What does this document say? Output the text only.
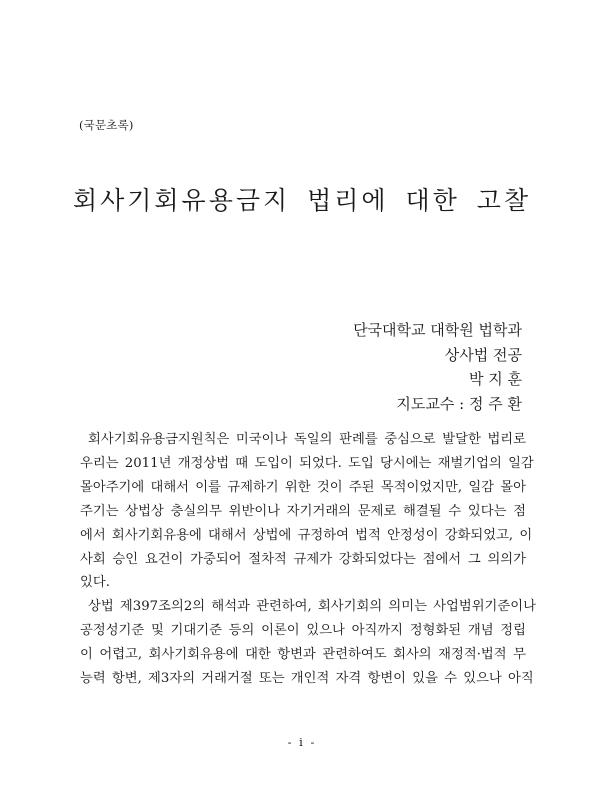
(국문초록)
회사기회유용금지 법리에 대한 고찰
단국대학교 대학원 법학과
상사법 전공
박 지 훈
지도교수 : 정 주 환
회사기회유용금지원칙은 미국이나 독일의 판례를 중심으로 발달한 법리로
우리는 2011년 개정상법 때 도입이 되었다. 도입 당시에는 재벌기업의 일감
몰아주기에 대해서 이를 규제하기 위한 것이 주된 목적이었지만, 일감 몰아
주기는 상법상 충실의무 위반이나 자기거래의 문제로 해결될 수 있다는 점
에서 회사기회유용에 대해서 상법에 규정하여 법적 안정성이 강화되었고, 이
사회 승인 요건이 가중되어 절차적 규제가 강화되었다는 점에서 그 의의가
있다.
상법 제397조의2의 해석과 관련하여, 회사기회의 의미는 사업범위기준이나
공정성기준 및 기대기준 등의 이론이 있으나 아직까지 정형화된 개념 정립
이 어렵고, 회사기회유용에 대한 항변과 관련하여도 회사의 재정적·법적 무
능력 항변, 제3자의 거래거절 또는 개인적 자격 항변이 있을 수 있으나 아직
- i -
